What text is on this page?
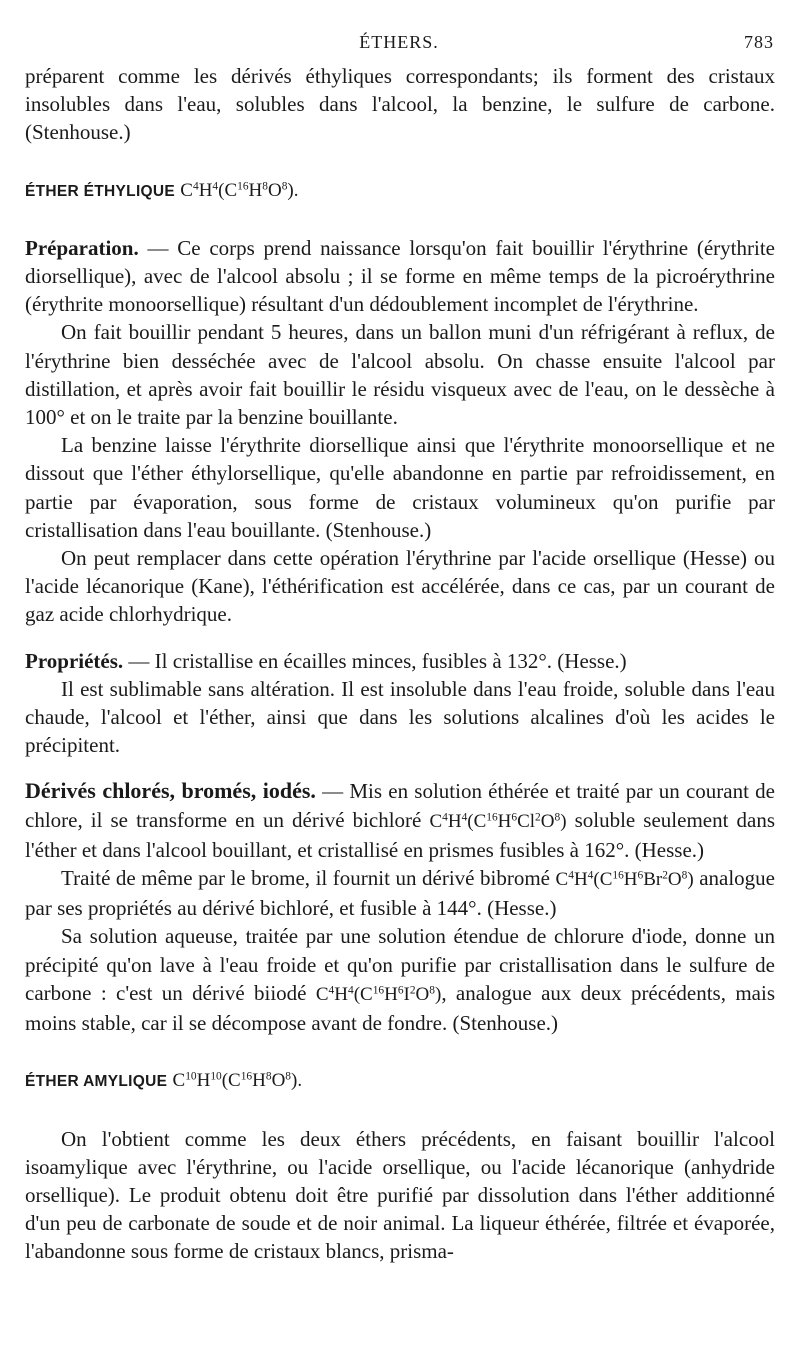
ÉTHERS.	783

préparent comme les dérivés éthyliques correspondants; ils forment des cristaux insolubles dans l'eau, solubles dans l'alcool, la benzine, le sulfure de carbone. (Stenhouse.)

ÉTHER ÉTHYLIQUE $C^4H^4(C^{16}H^8O^8)$.

Préparation. — Ce corps prend naissance lorsqu'on fait bouillir l'érythrine (érythrite diorsellique), avec de l'alcool absolu ; il se forme en même temps de la picroérythrine (érythrite monoorsellique) résultant d'un dédoublement incomplet de l'érythrine.

On fait bouillir pendant 5 heures, dans un ballon muni d'un réfrigérant à reflux, de l'érythrine bien desséchée avec de l'alcool absolu. On chasse ensuite l'alcool par distillation, et après avoir fait bouillir le résidu visqueux avec de l'eau, on le dessèche à 100° et on le traite par la benzine bouillante.

La benzine laisse l'érythrite diorsellique ainsi que l'érythrite monoorsellique et ne dissout que l'éther éthylorsellique, qu'elle abandonne en partie par refroidissement, en partie par évaporation, sous forme de cristaux volumineux qu'on purifie par cristallisation dans l'eau bouillante. (Stenhouse.)

On peut remplacer dans cette opération l'érythrine par l'acide orsellique (Hesse) ou l'acide lécanorique (Kane), l'éthérification est accélérée, dans ce cas, par un courant de gaz acide chlorhydrique.

Propriétés. — Il cristallise en écailles minces, fusibles à 132°. (Hesse.)

Il est sublimable sans altération. Il est insoluble dans l'eau froide, soluble dans l'eau chaude, l'alcool et l'éther, ainsi que dans les solutions alcalines d'où les acides le précipitent.

Dérivés chlorés, bromés, iodés. — Mis en solution éthérée et traité par un courant de chlore, il se transforme en un dérivé bichloré $C^4H^4(C^{16}H^6Cl^2O^8)$ soluble seulement dans l'éther et dans l'alcool bouillant, et cristallisé en prismes fusibles à 162°. (Hesse.)

Traité de même par le brome, il fournit un dérivé bibromé $C^4H^4(C^{16}H^6Br^2O^8)$ analogue par ses propriétés au dérivé bichloré, et fusible à 144°. (Hesse.)

Sa solution aqueuse, traitée par une solution étendue de chlorure d'iode, donne un précipité qu'on lave à l'eau froide et qu'on purifie par cristallisation dans le sulfure de carbone : c'est un dérivé biiodé $C^4H^4(C^{16}H^6I^2O^8)$, analogue aux deux précédents, mais moins stable, car il se décompose avant de fondre. (Stenhouse.)

ÉTHER AMYLIQUE $C^{10}H^{10}(C^{16}H^8O^8)$.

On l'obtient comme les deux éthers précédents, en faisant bouillir l'alcool isoamylique avec l'érythrine, ou l'acide orsellique, ou l'acide lécanorique (anhydride orsellique). Le produit obtenu doit être purifié par dissolution dans l'éther additionné d'un peu de carbonate de soude et de noir animal. La liqueur éthérée, filtrée et évaporée, l'abandonne sous forme de cristaux blancs, prisma-
